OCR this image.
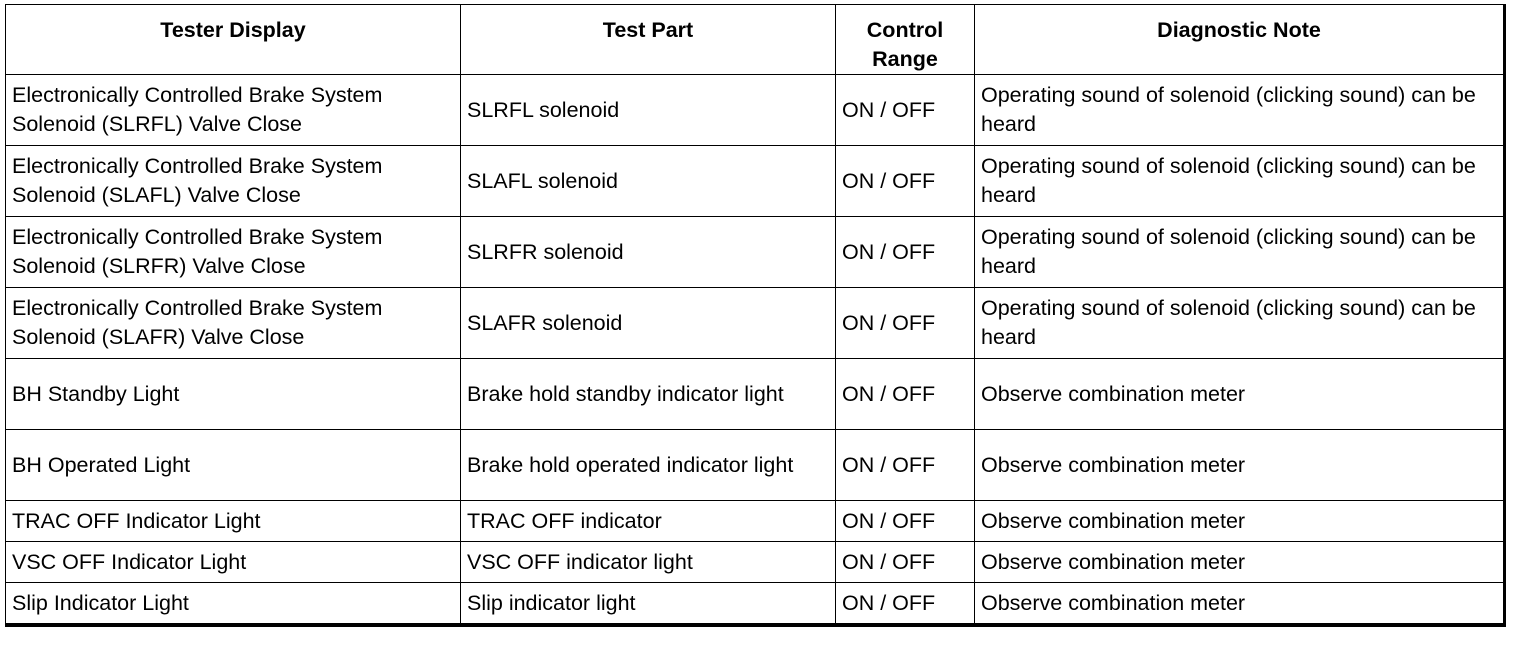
Tester Display	Test Part	Control Range	Diagnostic Note
Electronically Controlled Brake System Solenoid (SLRFL) Valve Close	SLRFL solenoid	ON / OFF	Operating sound of solenoid (clicking sound) can be heard
Electronically Controlled Brake System Solenoid (SLAFL) Valve Close	SLAFL solenoid	ON / OFF	Operating sound of solenoid (clicking sound) can be heard
Electronically Controlled Brake System Solenoid (SLRFR) Valve Close	SLRFR solenoid	ON / OFF	Operating sound of solenoid (clicking sound) can be heard
Electronically Controlled Brake System Solenoid (SLAFR) Valve Close	SLAFR solenoid	ON / OFF	Operating sound of solenoid (clicking sound) can be heard
BH Standby Light	Brake hold standby indicator light	ON / OFF	Observe combination meter
BH Operated Light	Brake hold operated indicator light	ON / OFF	Observe combination meter
TRAC OFF Indicator Light	TRAC OFF indicator	ON / OFF	Observe combination meter
VSC OFF Indicator Light	VSC OFF indicator light	ON / OFF	Observe combination meter
Slip Indicator Light	Slip indicator light	ON / OFF	Observe combination meter
